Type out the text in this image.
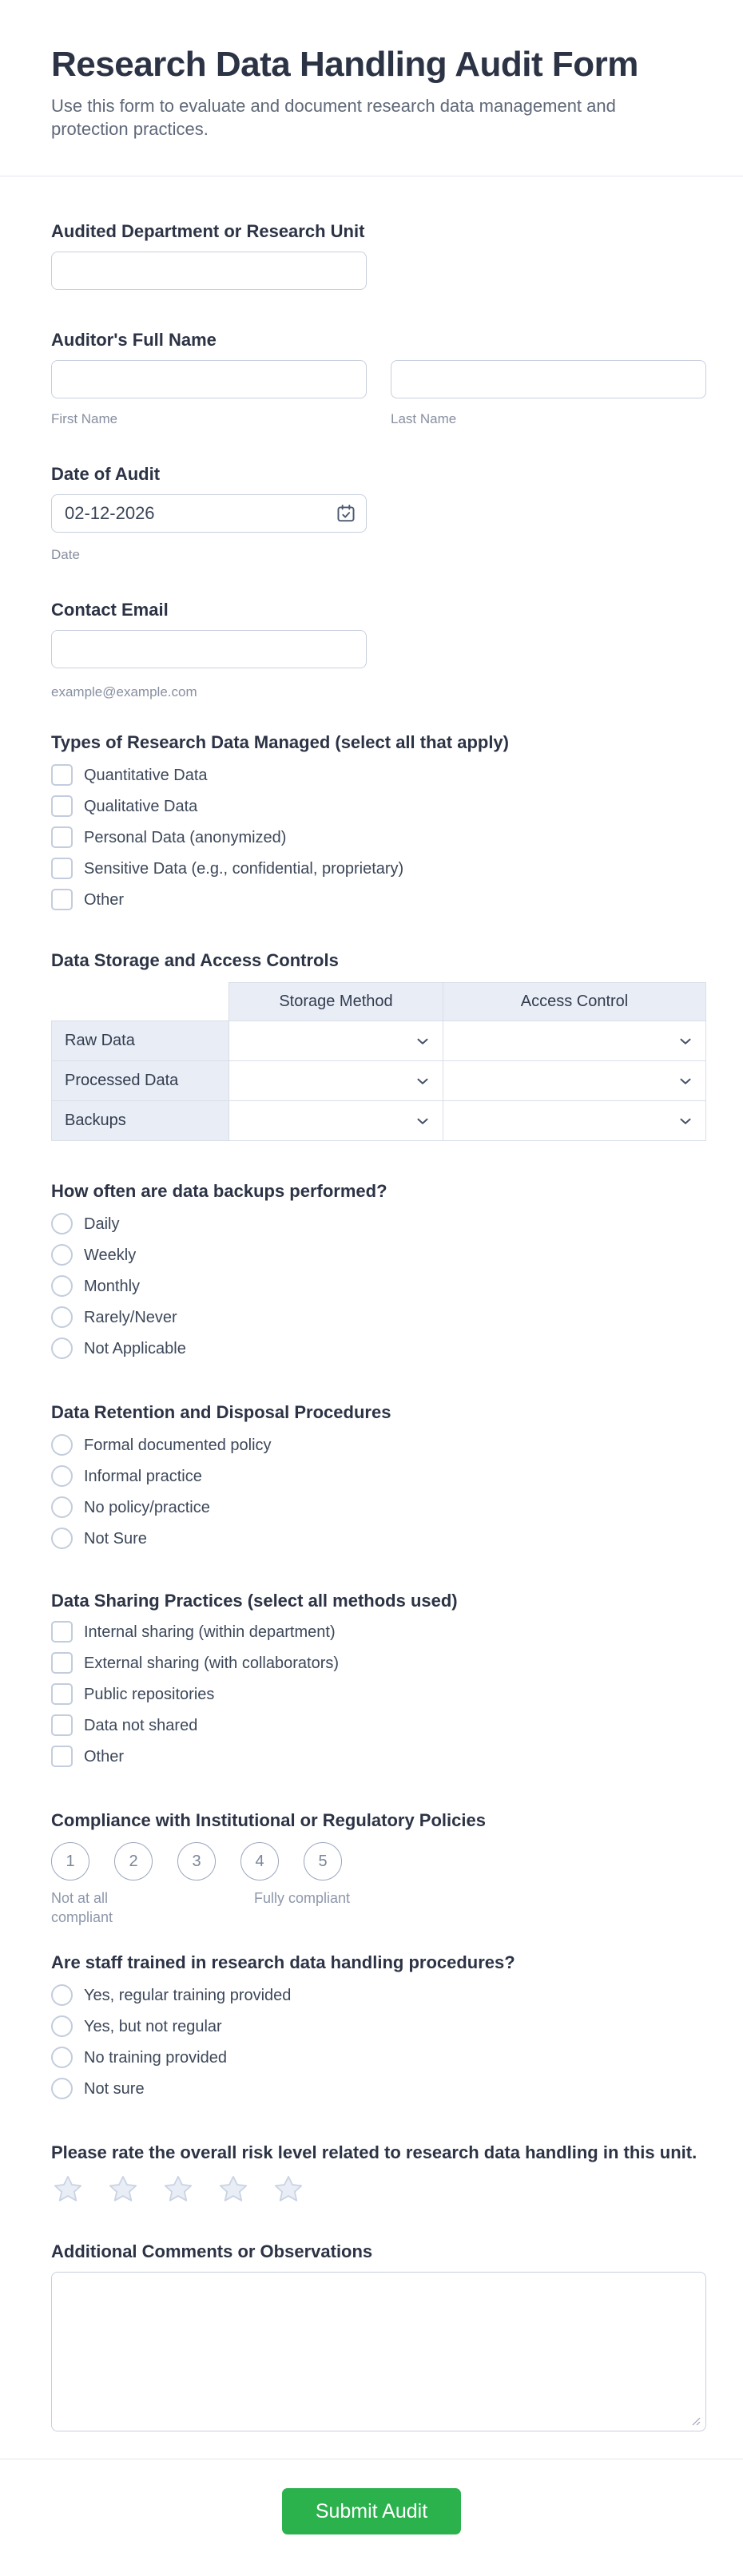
Research Data Handling Audit Form

Use this form to evaluate and document research data management and protection practices.

Audited Department or Research Unit
Auditor's Full Name
First Name	Last Name
Date of Audit
02-12-2026
Date
Contact Email
example@example.com
Types of Research Data Managed (select all that apply)
Quantitative Data
Qualitative Data
Personal Data (anonymized)
Sensitive Data (e.g., confidential, proprietary)
Other
Data Storage and Access Controls
	Storage Method	Access Control
Raw Data	

Processed Data	

Backups	

How often are data backups performed?
Daily
Weekly
Monthly
Rarely/Never
Not Applicable
Data Retention and Disposal Procedures
Formal documented policy
Informal practice
No policy/practice
Not Sure
Data Sharing Practices (select all methods used)
Internal sharing (within department)
External sharing (with collaborators)
Public repositories
Data not shared
Other
Compliance with Institutional or Regulatory Policies
1	2	3	4	5
Not at all compliant
Fully compliant
Are staff trained in research data handling procedures?
Yes, regular training provided
Yes, but not regular
No training provided
Not sure
Please rate the overall risk level related to research data handling in this unit.
Additional Comments or Observations
Submit Audit
